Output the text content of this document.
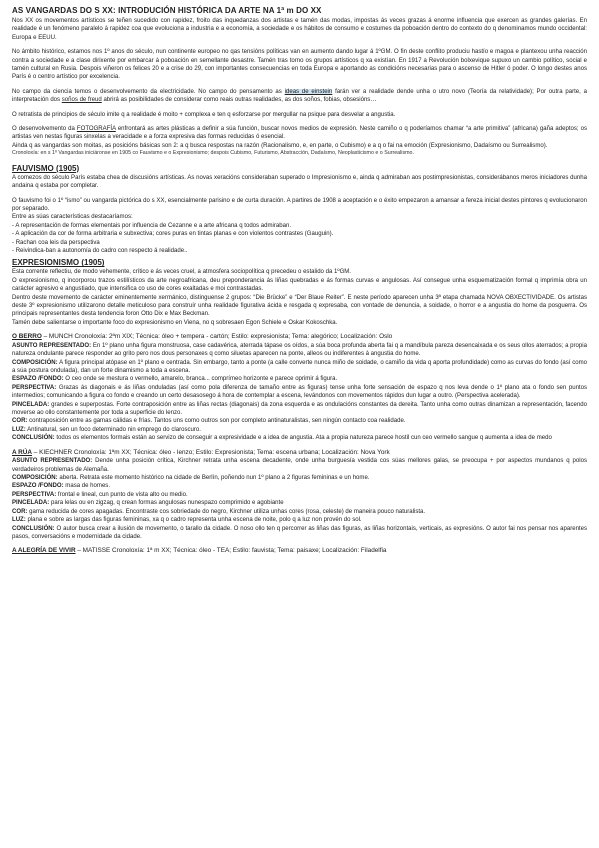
AS VANGARDAS DO S XX: INTRODUCIÓN HISTÓRICA DA ARTE NA 1ª m DO XX

Nos XX os movementos artísticos se teñen sucedido con rapidez, froito das inquedanzas dos artistas e tamén das modas, impostas ás veces grazas á enorme influencia que exercen as grandes galerías. En realidade é un fenómeno paralelo á rapidez coa que evoluciona a industria e a economía, a sociedade e os hábitos de consumo e costumes da poboación dentro do contexto do q denominamos mundo occidental: Europa e EEUU.

No ámbito histórico, estamos nos 1º anos do século, nun continente europeo no qas tensións políticas van en aumento dando lugar á 1ºGM. O fin deste conflito produciu hastío e magoa e plantexou unha reacción contra a sociedade e a clase dirixente por embarcar á poboación en semellante desastre. Tamén tras torno os grupos artísticos q xa existían. En 1917 a Revolución bolxevique supuxo un cambio político, social e tamén cultural en Rusia. Despois viñeron os felices 20 e a crise do 29, con importantes consecuencias en toda Europa e aportando as condicións necesarias para o ascenso de Hitler ó poder. O longo destes anos París é o centro artístico por excelencia.

No campo da ciencia temos o desenvolvemento da electricidade. No campo do pensamento as ideas de einstein farán ver a realidade dende unha o utro novo (Teoría da relatividade); Por outra parte, a interpretación dos soños de freud abrirá as posibilidades de considerar como reais outras realidades, as dos soños, fobias, obsesións…

O retratista de principios de século imite q a realidade é moito + complexa e ten q esforzarse por mergullar na psique para desvelar a angustia.

O desenvolvemento da FOTOGRAFÍA enfrontará as artes plásticas a definir a súa función, buscar novos medios de expresión. Neste camiño o q poderíamos chamar “a arte primitiva” (africana) gaña adeptos; os artistas ven nestas figuras sinxelas a veracidade e a forza expresiva das formas reducidas ó esencial.

Ainda q as vangardas son moitas, as posicións básicas son 2: a q busca respostas na razón (Racionalismo, e, en parte, o Cubismo) e a q o fai na emoción (Expresionismo, Dadaísmo ou Surrealismo).

Cronoloxía: en s 1º Vangardas iniciáronse en 1905 co Fauvismo e o Expresionismo; despois Cubismo, Futurismo, Abstracción, Dadaísmo, Neoplasticismo e o Surrealismo.

FAUVISMO (1905)

A comezos do século París estaba chea de discusións artísticas. As novas xeracións consideraban superado o Impresionismo e, ainda q admiraban aos postimpresionistas, considerábanos meros iniciadores dunha andaina q estaba por completar.

O fauvismo foi o 1º “ismo” ou vangarda pictórica do s XX, esencialmente parisino e de curta duración. A partires de 1908 a aceptación e o éxito empezaron a amansar a fereza inicial destes pintores q evolucionaron por separado.

Entre as súas características destacaríamos:
- A representación de formas elementais por influencia de Cezanne e a arte africana q todos admiraban.
- A aplicación da cor de forma arbitraria e subxectiva; cores puras en tintas planas e con violentos contrastes (Gauguin).
- Rachan coa leis da perspectiva
- Reivindica-ban a autonomía do cadro con respecto á realidade..
EXPRESIONISMO (1905)

Esta corrente reflectiu, de modo vehemente, crítico e ás veces cruel, a atmosfera sociopolítica q precedeu o estalido da 1ºGM.

O expresionismo, q incorporou trazos estilísticos da arte negroafricana, deu preponderancia ás liñas quebradas e ás formas curvas e angulosas. Así consegue unha esquematización formal q imprimía obra un carácter agresivo e angustiado, que intensifica co uso de cores exaltadas e moi contrastadas.

Dentro deste movemento de carácter eminentemente xermánico, distinguense 2 grupos: “Die Brücke” e “Der Blaue Reiter”. E neste período aparecen unha 3ª etapa chamada NOVA OBXECTIVIDADE. Os artistas deste 3º expresionismo utilizarono detalle meticuloso para construír unha realidade figurativa ácida e resgada q expresaba, con vontade de denuncia, a soidade, o horror e a angustia do home da posguerra. Os principais representantes desta tendencia foron Otto Dix e Max Beckman.

Tamén debe salientarse o importante foco do expresionismo en Viena, no q sobresaen Egon Schiele e Oskar Kokoschka.

O BERRO – MUNCH Cronoloxía: 2ªm XIX; Técnica: óleo + tempera - cartón; Estilo: expresionista; Tema: alegórico; Localización: Oslo

ASUNTO REPRESENTADO: En 1º plano unha figura monstruosa, case cadavérica, aterrada tápase os oídos, a súa boca profunda aberta fai q a mandíbula pareza desencaixada e os seus ollos aterrados; a propia natureza ondulante parece responder ao grito pero nos dous personaxes q como siluetas aparecen na ponte, alleos ou indiferentes á angustia do home.

COMPOSICIÓN: A figura principal atópase en 1º plano e centrada. Sin embargo, tanto a ponte (a calle converte nunca miño de soidade, o camiño da vida q aporta profundidade) como as curvas do fondo (así como a súa postura ondulada), dan un forte dinamismo a toda a escena.

ESPAZO /FONDO: O ceo onde se mestura o vermello, amarelo, branca... comprímeo horizonte e parece oprimir á figura.

PERSPECTIVA: Grazas ás diagonais e ás liñas onduladas (así como pola diferenza de tamaño entre as figuras) tense unha forte sensación de espazo q nos leva dende o 1º plano ata o fondo sen puntos intermedios; comunicando a figura co fondo e creando un certo desasosego á hora de contemplar a escena, levándonos con movementos rápidos dun lugar a outro. (Perspectiva acelerada).

PINCELADA: grandes e superpostas. Forte contraposición entre as liñas rectas (diagonais) da zona esquerda e as ondulacións constantes da dereita. Tanto unha como outras dinamizan a representación, facendo moverse ao ollo constantemente por toda a superficie do lenzo.

COR: contraposición entre as gamas cálidas e frías. Tantos uns como outros son por completo antinaturalistas, sen ningún contacto coa realidade.

LUZ: Antinatural, sen un foco determinado nin emprego do claroscuro.

CONCLUSIÓN: todos os elementos formais están ao servizo de conseguir a expresividade e a idea de angustia. Ata a propia natureza parece hostil cun ceo vermello sangue q aumenta a idea de medo

A RÚA – KIECHNER Cronoloxía: 1ªm XX; Técnica: óleo - lenzo; Estilo: Expresionista; Tema: escena urbana; Localización: Nova York

ASUNTO REPRESENTADO: Dende unha posición crítica, Kirchner retrata unha escena decadente, onde unha burguesía vestida cos súas mellores galas, se preocupa + por aspectos mundanos q polos verdadeiros problemas de Alemaña.

COMPOSICIÓN: aberta. Retrata este momento histórico na cidade de Berlín, poñendo nun 1º plano a 2 figuras femininas e un home.

ESPAZO /FONDO: masa de homes.

PERSPECTIVA: frontal e lineal, cun punto de vista alto ou medio.

PINCELADA: para lelas ou en zigzag, q crean formas angulosas nunespazo comprimido e agobiante

COR: gama reducida de cores apagadas. Encontraste cos sobriedade do negro, Kirchner utiliza unhas cores (rosa, celeste) de maneira pouco naturalista.

LUZ: plana e sobre as largas das figuras femininas, xa q o cadro representa unha escena de noite, polo q a luz non provén do sol.

CONCLUSIÓN: O autor busca crear a ilusión de movemento, o tarallo da cidade. O noso ollo ten q percorrer as liñas das figuras, as liñas horizontais, verticais, as expresións. O autor fai nos pensar nos aparentes pasos, conversacións e modernidade da cidade.

A ALEGRÍA DE VIVIR – MATISSE Cronoloxía: 1ª m XX; Técnica: óleo - TEA; Estilo: fauvista; Tema: paisaxe; Localización: Filadelfia
